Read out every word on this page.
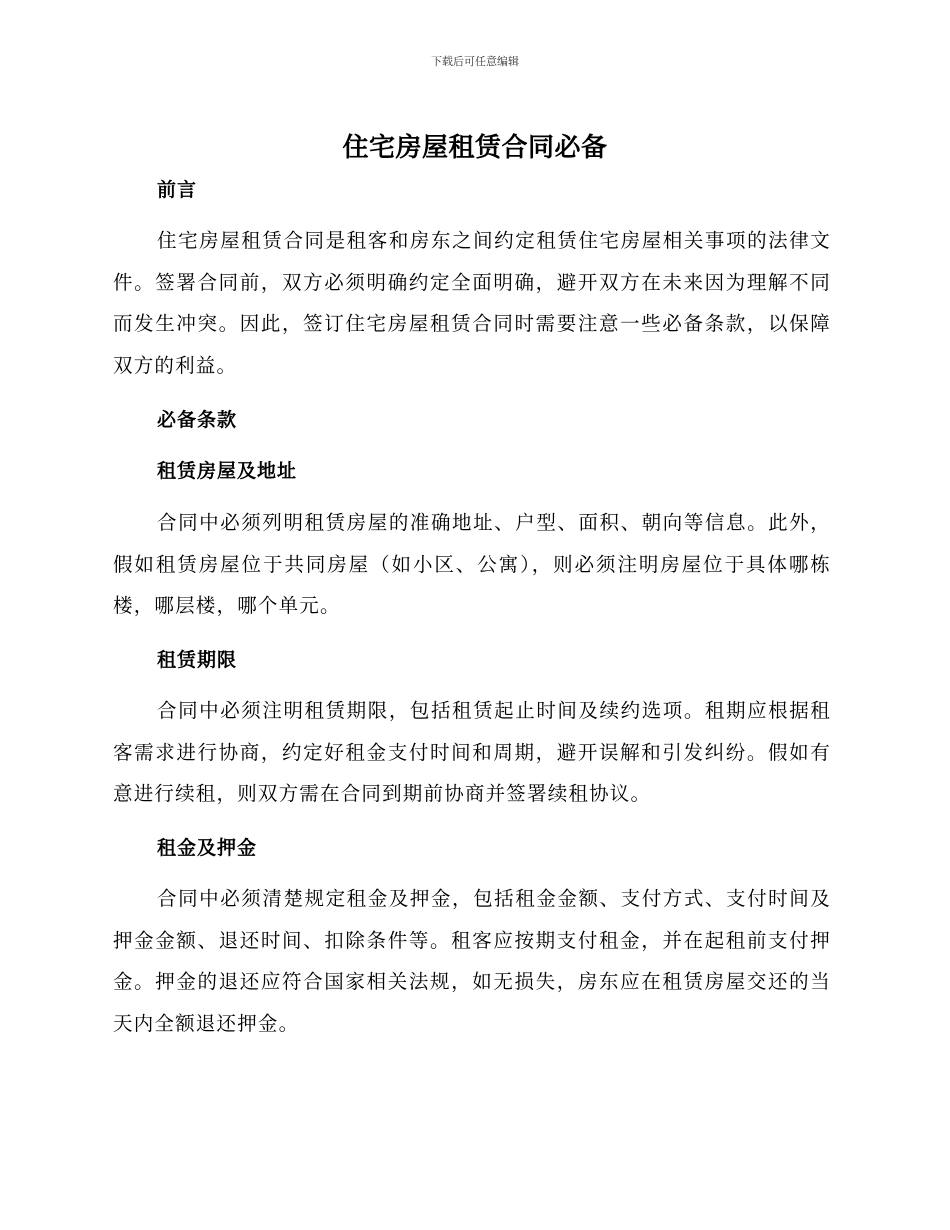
下载后可任意编辑
住宅房屋租赁合同必备
前言

住宅房屋租赁合同是租客和房东之间约定租赁住宅房屋相关事项的法律文件。签署合同前，双方必须明确约定全面明确，避开双方在未来因为理解不同而发生冲突。因此，签订住宅房屋租赁合同时需要注意一些必备条款，以保障双方的利益。

必备条款
租赁房屋及地址

合同中必须列明租赁房屋的准确地址、户型、面积、朝向等信息。此外，假如租赁房屋位于共同房屋（如小区、公寓），则必须注明房屋位于具体哪栋楼，哪层楼，哪个单元。

租赁期限

合同中必须注明租赁期限，包括租赁起止时间及续约选项。租期应根据租客需求进行协商，约定好租金支付时间和周期，避开误解和引发纠纷。假如有意进行续租，则双方需在合同到期前协商并签署续租协议。

租金及押金

合同中必须清楚规定租金及押金，包括租金金额、支付方式、支付时间及押金金额、退还时间、扣除条件等。租客应按期支付租金，并在起租前支付押金。押金的退还应符合国家相关法规，如无损失，房东应在租赁房屋交还的当天内全额退还押金。
